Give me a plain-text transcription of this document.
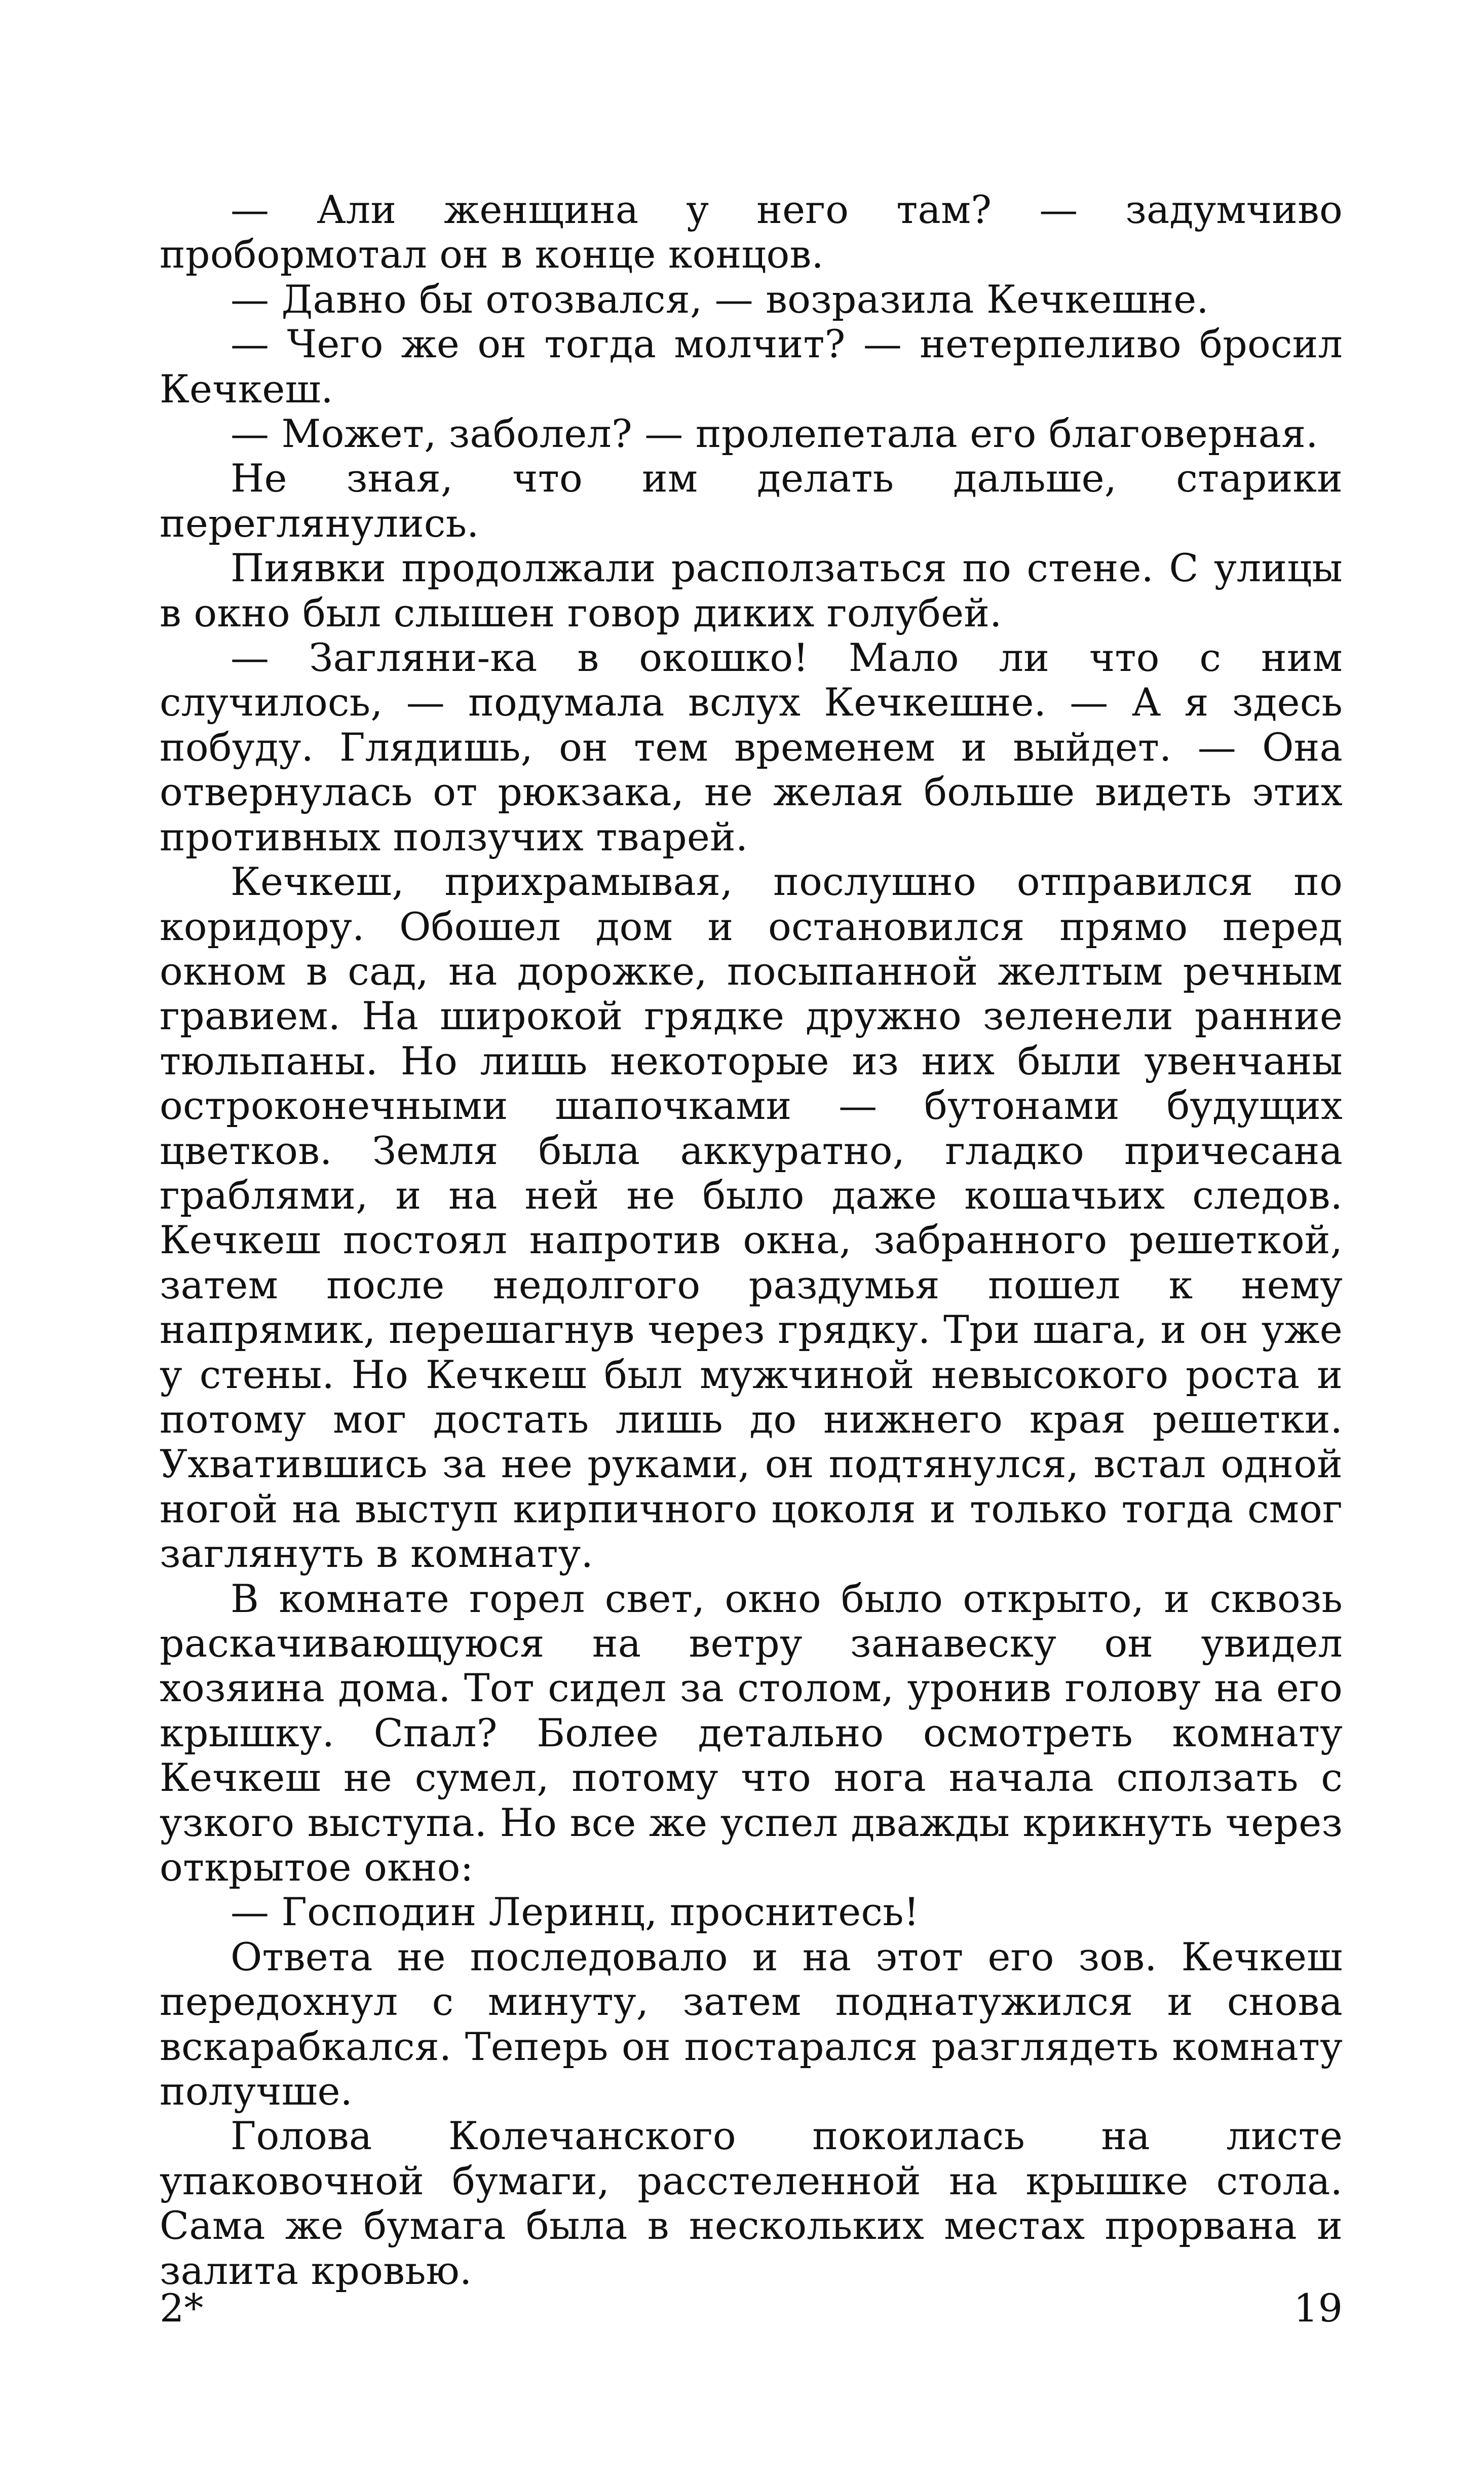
— Али женщина у него там? — задумчиво пробормотал он в конце концов.

— Давно бы отозвался, — возразила Кечкешне.

— Чего же он тогда молчит? — нетерпеливо бросил Кечкеш.

— Может, заболел? — пролепетала его благоверная.

Не зная, что им делать дальше, старики переглянулись.

Пиявки продолжали расползаться по стене. С улицы в окно был слышен говор диких голубей.

— Загляни-ка в окошко! Мало ли что с ним случилось, — подумала вслух Кечкешне. — А я здесь побуду. Глядишь, он тем временем и выйдет. — Она отвернулась от рюкзака, не желая больше видеть этих противных ползучих тварей.

Кечкеш, прихрамывая, послушно отправился по коридору. Обошел дом и остановился прямо перед окном в сад, на дорожке, посыпанной желтым речным гравием. На широкой грядке дружно зеленели ранние тюльпаны. Но лишь некоторые из них были увенчаны остроконечными шапочками — бутонами будущих цветков. Земля была аккуратно, гладко причесана граблями, и на ней не было даже кошачьих следов. Кечкеш постоял напротив окна, забранного решеткой, затем после недолгого раздумья пошел к нему напрямик, перешагнув через грядку. Три шага, и он уже у стены. Но Кечкеш был мужчиной невысокого роста и потому мог достать лишь до нижнего края решетки. Ухватившись за нее руками, он подтянулся, встал одной ногой на выступ кирпичного цоколя и только тогда смог заглянуть в комнату.

В комнате горел свет, окно было открыто, и сквозь раскачивающуюся на ветру занавеску он увидел хозяина дома. Тот сидел за столом, уронив голову на его крышку. Спал? Более детально осмотреть комнату Кечкеш не сумел, потому что нога начала сползать с узкого выступа. Но все же успел дважды крикнуть через открытое окно:

— Господин Леринц, проснитесь!

Ответа не последовало и на этот его зов. Кечкеш передохнул с минуту, затем поднатужился и снова вскарабкался. Теперь он постарался разглядеть комнату получше.

Голова Колечанского покоилась на листе упаковочной бумаги, расстеленной на крышке стола. Сама же бумага была в нескольких местах прорвана и залита кровью.

2*	19
